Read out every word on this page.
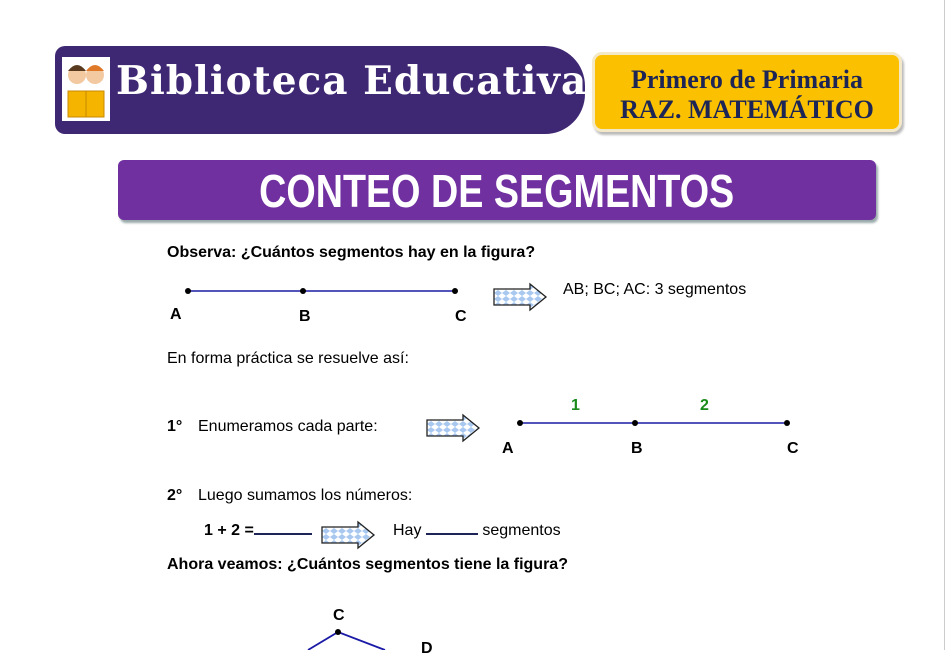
Biblioteca Educativa	Primero de Primaria
RAZ. MATEMÁTICO
CONTEO DE SEGMENTOS
Observa: ¿Cuántos segmentos hay en la figura?
A	B	C
AB; BC; AC: 3 segmentos
En forma práctica se resuelve así:
1° Enumeramos cada parte:
1	2
A	B	C
2° Luego sumamos los números:
1 + 2 =	Hay	segmentos
Ahora veamos: ¿Cuántos segmentos tiene la figura?
C
D
